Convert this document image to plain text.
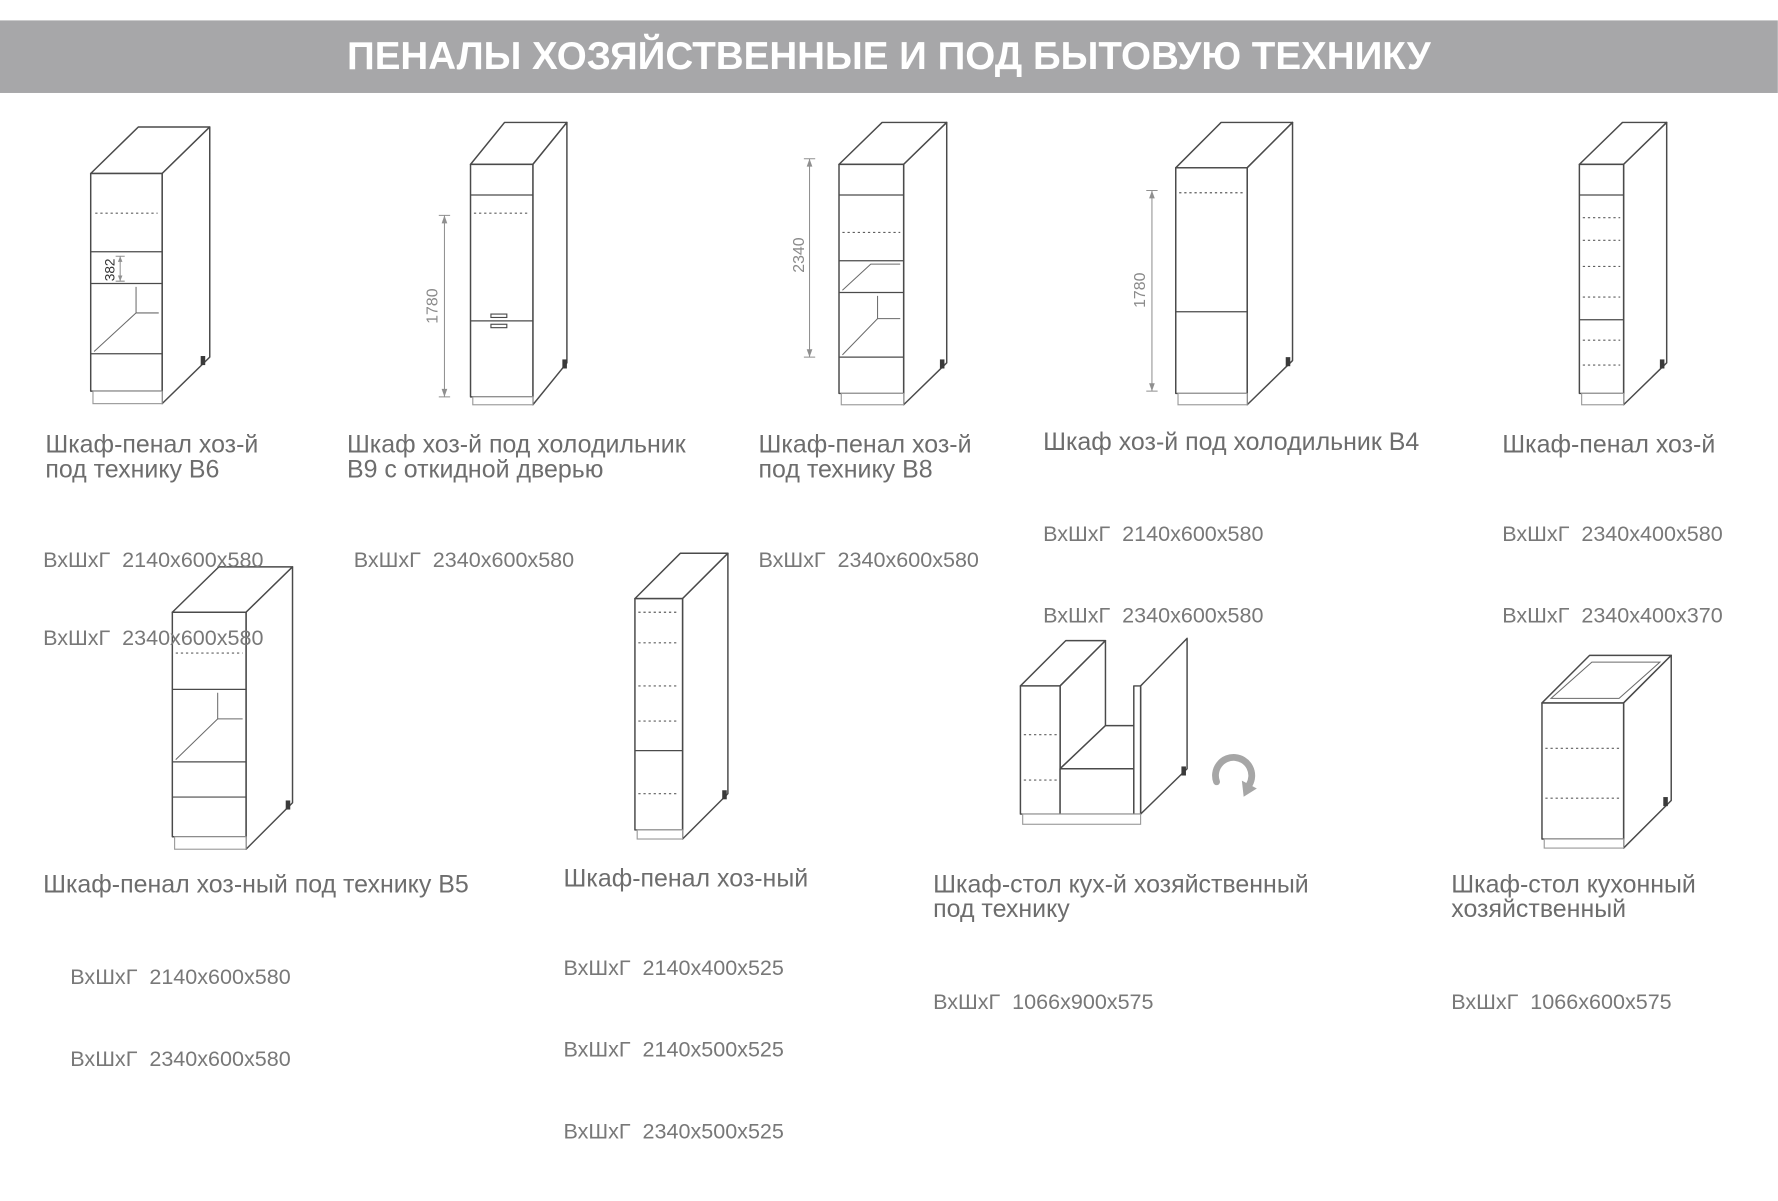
ПЕНАЛЫ ХОЗЯЙСТВЕННЫЕ И ПОД БЫТОВУЮ ТЕХНИКУ
382
1780
2340
1780
Шкаф-пенал хоз-й
под технику В6

ВхШхГ  2140х600х580

ВхШхГ  2340х600х580

Шкаф хоз-й под холодильник
В9 с откидной дверью

ВхШхГ  2340х600х580

Шкаф-пенал хоз-й
под технику В8

ВхШхГ  2340х600х580

Шкаф хоз-й под холодильник В4

ВхШхГ  2140х600х580

ВхШхГ  2340х600х580

Шкаф-пенал хоз-й

ВхШхГ  2340х400х580

ВхШхГ  2340х400х370

Шкаф-пенал хоз-ный под технику В5

ВхШхГ  2140х600х580

ВхШхГ  2340х600х580

Шкаф-пенал хоз-ный

ВхШхГ  2140х400х525

ВхШхГ  2140х500х525

ВхШхГ  2340х500х525

Шкаф-стол кух-й хозяйственный
под технику

ВхШхГ  1066х900х575

Шкаф-стол кухонный
хозяйственный

ВхШхГ  1066х600х575
